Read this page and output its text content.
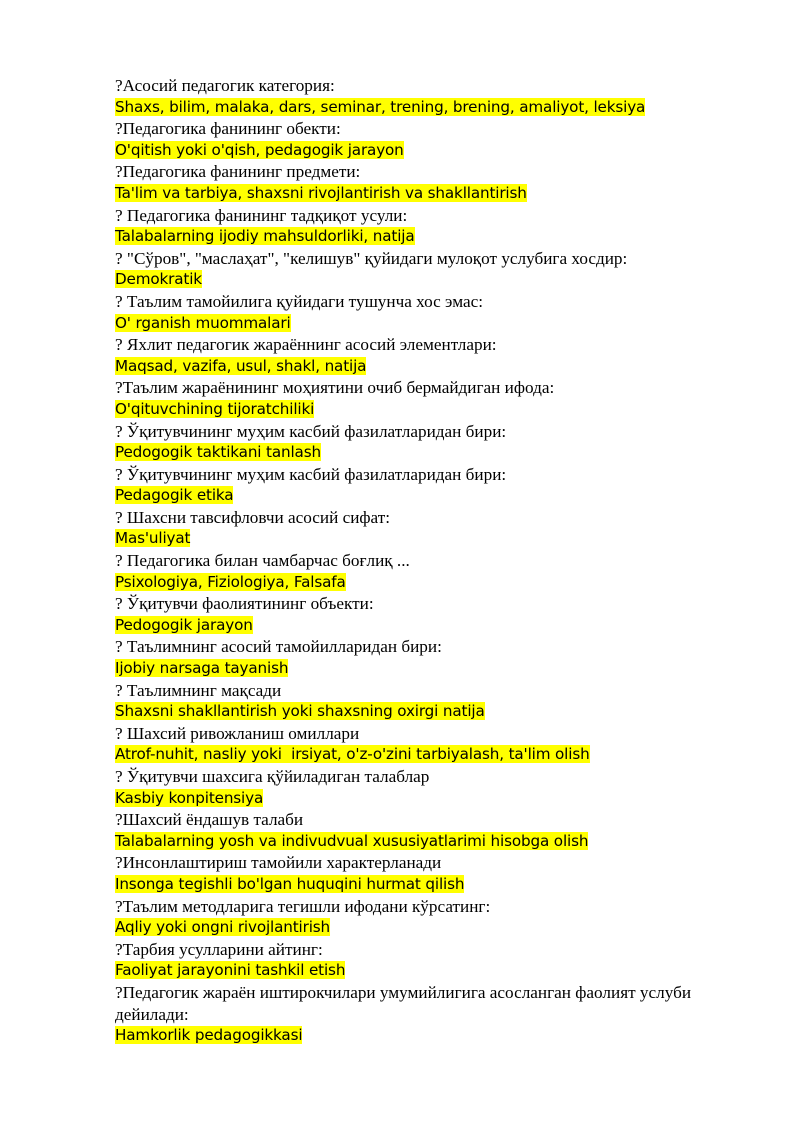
?Асосий педагогик категория:
Shaxs, bilim, malaka, dars, seminar, trening, brening, amaliyot, leksiya
?Педагогика фанининг обекти:
O'qitish yoki o'qish, pedagogik jarayon
?Педагогика фанининг предмети:
Ta'lim va tarbiya, shaxsni rivojlantirish va shakllantirish
? Педагогика фанининг тадқиқот усули:
Talabalarning ijodiy mahsuldorliki, natija
? "Сўров", "маслаҳат", "келишув" қуйидаги мулоқот услубига хосдир:
Demokratik
? Таълим тамойилига қуйидаги тушунча хос эмас:
O' rganish muommalari
? Яхлит педагогик жараённинг асосий элементлари:
Maqsad, vazifa, usul, shakl, natija
?Таълим жараёнининг моҳиятини очиб бермайдиган ифода:
O'qituvchining tijoratchiliki
? Ўқитувчининг муҳим касбий фазилатларидан бири:
Pedogogik taktikani tanlash
? Ўқитувчининг муҳим касбий фазилатларидан бири:
Pedagogik etika
? Шахсни тавсифловчи асосий сифат:
Mas'uliyat
? Педагогика билан чамбарчас боғлиқ ...
Psixologiya, Fiziologiya, Falsafa
? Ўқитувчи фаолиятининг объекти:
Pedogogik jarayon
? Таълимнинг асосий тамойилларидан бири:
Ijobiy narsaga tayanish
? Таълимнинг мақсади
Shaxsni shakllantirish yoki shaxsning oxirgi natija
? Шахсий ривожланиш омиллари
Atrof-nuhit, nasliy yoki  irsiyat, o'z-o'zini tarbiyalash, ta'lim olish
? Ўқитувчи шахсига қўйиладиган талаблар
Kasbiy konpitensiya
?Шахсий ёндашув талаби
Talabalarning yosh va indivudvual xususiyatlarimi hisobga olish
?Инсонлаштириш тамойили характерланади
Insonga tegishli bo'lgan huquqini hurmat qilish
?Таълим методларига тегишли ифодани кўрсатинг:
Aqliy yoki ongni rivojlantirish
?Тарбия усулларини айтинг:
Faoliyat jarayonini tashkil etish
?Педагогик жараён иштирокчилари умумийлигига асосланган фаолият услуби дейилади:
Hamkorlik pedagogikkasi
